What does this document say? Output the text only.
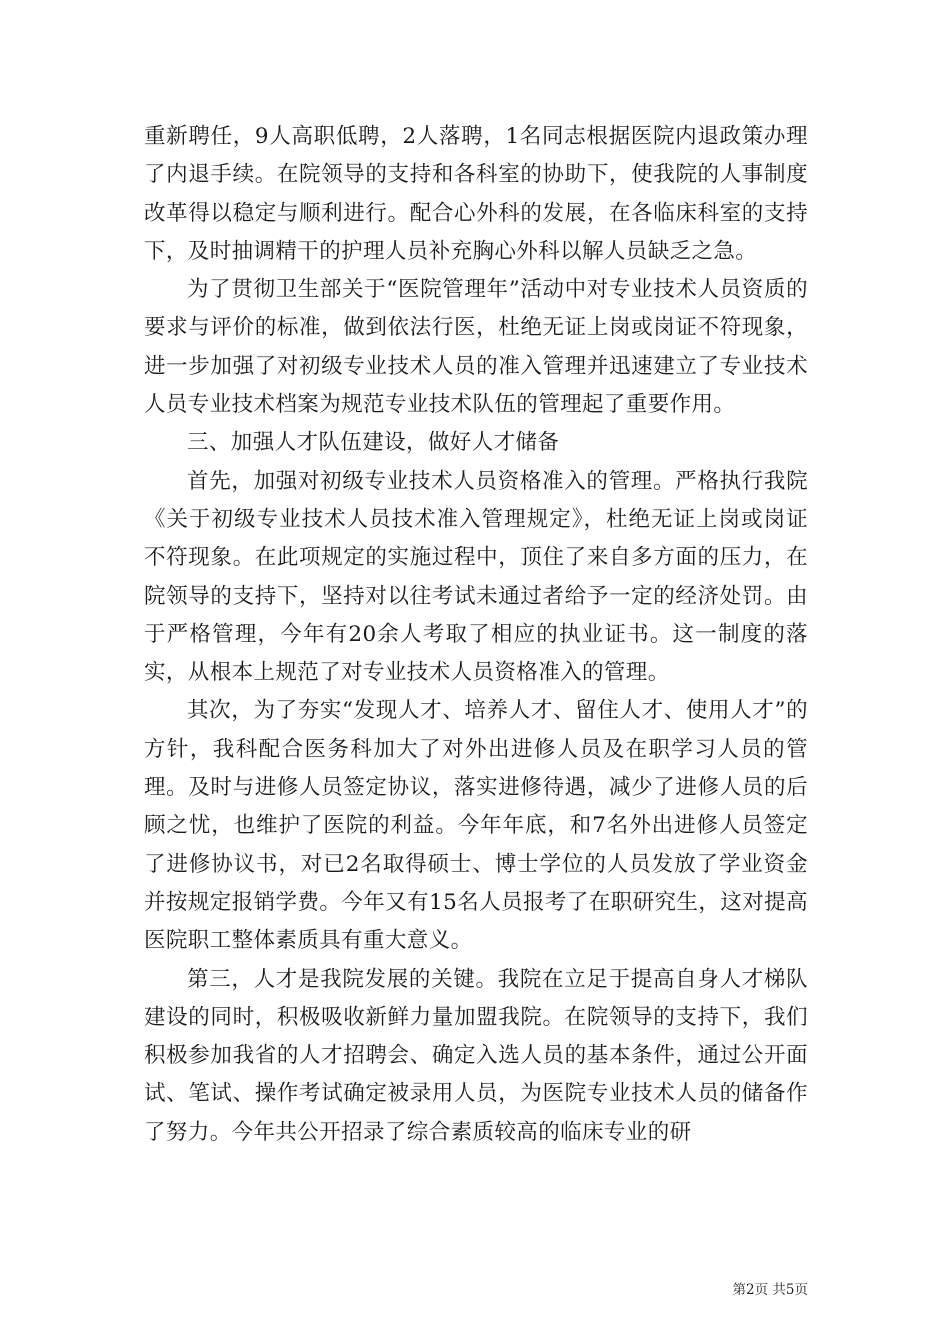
重新聘任，9人高职低聘，2人落聘，1名同志根据医院内退政策办理了内退手续。在院领导的支持和各科室的协助下，使我院的人事制度改革得以稳定与顺利进行。配合心外科的发展，在各临床科室的支持下，及时抽调精干的护理人员补充胸心外科以解人员缺乏之急。

为了贯彻卫生部关于“医院管理年”活动中对专业技术人员资质的要求与评价的标准，做到依法行医，杜绝无证上岗或岗证不符现象，进一步加强了对初级专业技术人员的准入管理并迅速建立了专业技术人员专业技术档案为规范专业技术队伍的管理起了重要作用。

三、加强人才队伍建设，做好人才储备

首先，加强对初级专业技术人员资格准入的管理。严格执行我院《关于初级专业技术人员技术准入管理规定》，杜绝无证上岗或岗证不符现象。在此项规定的实施过程中，顶住了来自多方面的压力，在院领导的支持下，坚持对以往考试未通过者给予一定的经济处罚。由于严格管理，今年有20余人考取了相应的执业证书。这一制度的落实，从根本上规范了对专业技术人员资格准入的管理。

其次，为了夯实“发现人才、培养人才、留住人才、使用人才”的方针，我科配合医务科加大了对外出进修人员及在职学习人员的管理。及时与进修人员签定协议，落实进修待遇，减少了进修人员的后顾之忧，也维护了医院的利益。今年年底，和7名外出进修人员签定了进修协议书，对已2名取得硕士、博士学位的人员发放了学业资金并按规定报销学费。今年又有15名人员报考了在职研究生，这对提高医院职工整体素质具有重大意义。

第三，人才是我院发展的关键。我院在立足于提高自身人才梯队建设的同时，积极吸收新鲜力量加盟我院。在院领导的支持下，我们积极参加我省的人才招聘会、确定入选人员的基本条件，通过公开面试、笔试、操作考试确定被录用人员，为医院专业技术人员的储备作了努力。今年共公开招录了综合素质较高的临床专业的研

第2页 共5页
